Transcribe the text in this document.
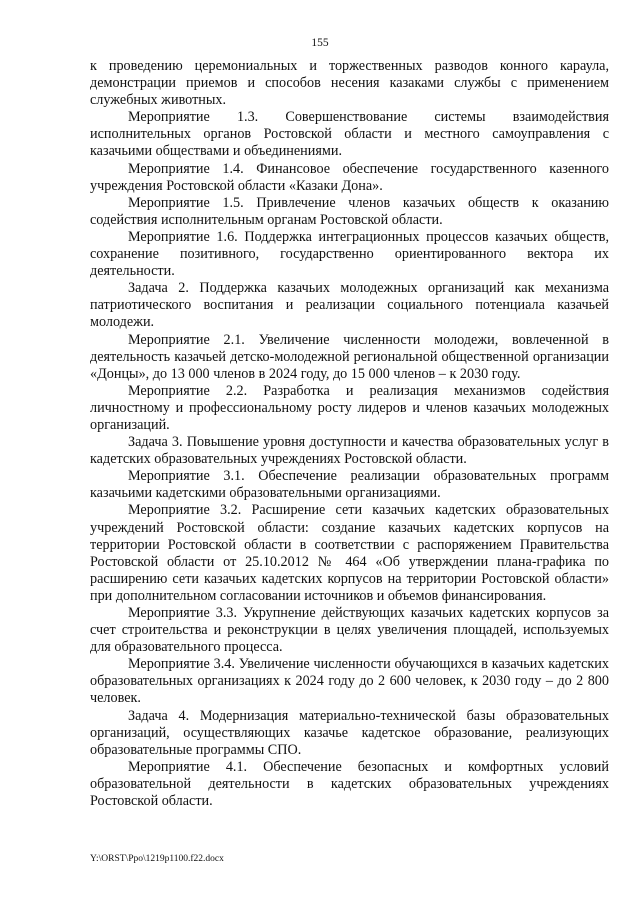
155

к проведению церемониальных и торжественных разводов конного караула, демонстрации приемов и способов несения казаками службы с применением служебных животных.

Мероприятие 1.3. Совершенствование системы взаимодействия исполнительных органов Ростовской области и местного самоуправления с казачьими обществами и объединениями.

Мероприятие 1.4. Финансовое обеспечение государственного казенного учреждения Ростовской области «Казаки Дона».

Мероприятие 1.5. Привлечение членов казачьих обществ к оказанию содействия исполнительным органам Ростовской области.

Мероприятие 1.6. Поддержка интеграционных процессов казачьих обществ, сохранение позитивного, государственно ориентированного вектора их деятельности.

Задача 2. Поддержка казачьих молодежных организаций как механизма патриотического воспитания и реализации социального потенциала казачьей молодежи.

Мероприятие 2.1. Увеличение численности молодежи, вовлеченной в деятельность казачьей детско-молодежной региональной общественной организации «Донцы», до 13 000 членов в 2024 году, до 15 000 членов – к 2030 году.

Мероприятие 2.2. Разработка и реализация механизмов содействия личностному и профессиональному росту лидеров и членов казачьих молодежных организаций.

Задача 3. Повышение уровня доступности и качества образовательных услуг в кадетских образовательных учреждениях Ростовской области.

Мероприятие 3.1. Обеспечение реализации образовательных программ казачьими кадетскими образовательными организациями.

Мероприятие 3.2. Расширение сети казачьих кадетских образовательных учреждений Ростовской области: создание казачьих кадетских корпусов на территории Ростовской области в соответствии с распоряжением Правительства Ростовской области от 25.10.2012 № 464 «Об утверждении плана-графика по расширению сети казачьих кадетских корпусов на территории Ростовской области» при дополнительном согласовании источников и объемов финансирования.

Мероприятие 3.3. Укрупнение действующих казачьих кадетских корпусов за счет строительства и реконструкции в целях увеличения площадей, используемых для образовательного процесса.

Мероприятие 3.4. Увеличение численности обучающихся в казачьих кадетских образовательных организациях к 2024 году до 2 600 человек, к 2030 году – до 2 800 человек.

Задача 4. Модернизация материально-технической базы образовательных организаций, осуществляющих казачье кадетское образование, реализующих образовательные программы СПО.

Мероприятие 4.1. Обеспечение безопасных и комфортных условий образовательной деятельности в кадетских образовательных учреждениях Ростовской области.

Y:\ORST\Ppo\1219p1100.f22.docx
